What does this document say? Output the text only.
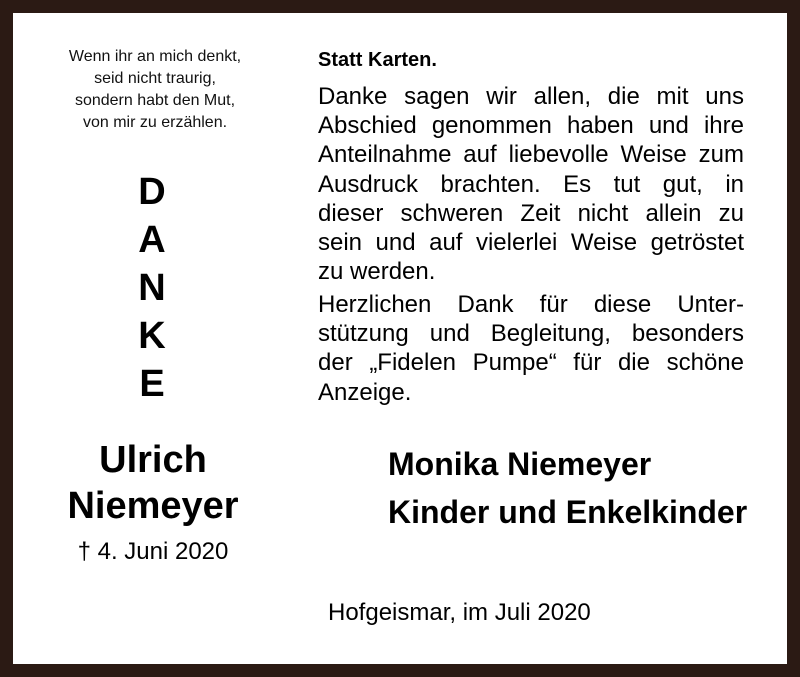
Wenn ihr an mich denkt,
seid nicht traurig,
sondern habt den Mut,
von mir zu erzählen.
D
A
N
K
E
Ulrich
Niemeyer
† 4. Juni 2020
Statt Karten.
Danke sagen wir allen, die mit uns
Abschied genommen haben und ihre
Anteilnahme auf liebevolle Weise zum
Ausdruck brachten. Es tut gut, in
dieser schweren Zeit nicht allein zu
sein und auf vielerlei Weise getröstet
zu werden.
Herzlichen Dank für diese Unter-
stützung und Begleitung, besonders
der „Fidelen Pumpe“ für die schöne
Anzeige.
Monika Niemeyer
Kinder und Enkelkinder
Hofgeismar, im Juli 2020
